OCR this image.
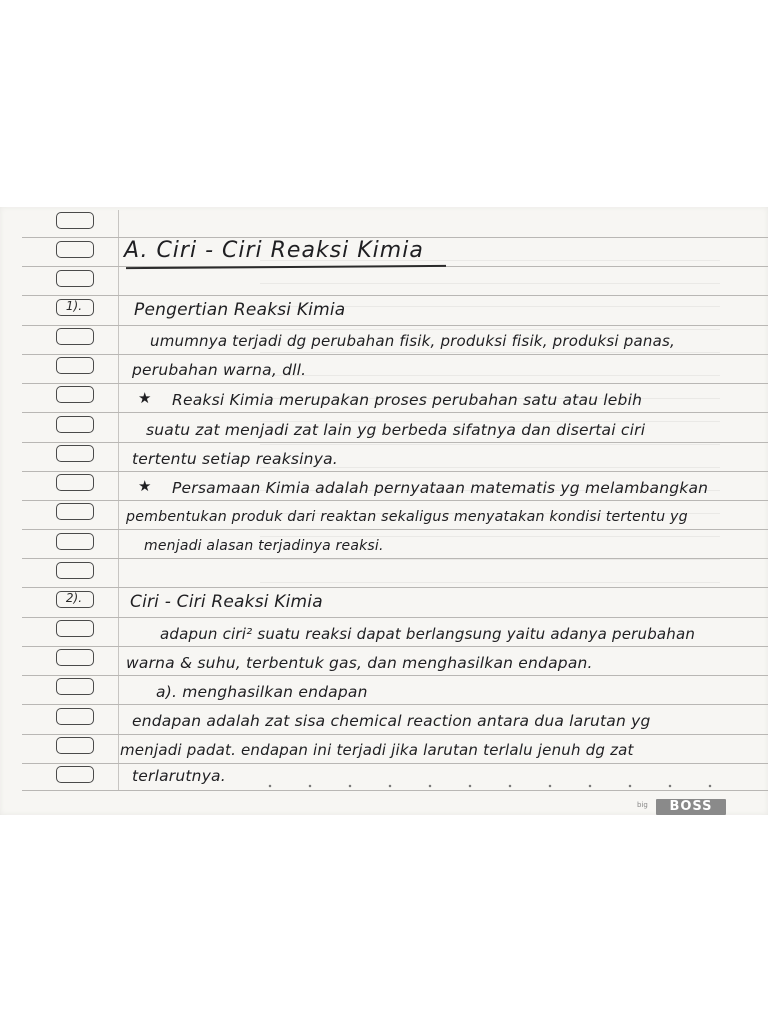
1).
2).
A. Ciri - Ciri Reaksi Kimia
Pengertian Reaksi Kimia
umumnya terjadi dg perubahan fisik, produksi fisik, produksi panas,
perubahan warna, dll.
★ Reaksi Kimia merupakan proses perubahan satu atau lebih
suatu zat menjadi zat lain yg berbeda sifatnya dan disertai ciri
tertentu setiap reaksinya.
★ Persamaan Kimia adalah pernyataan matematis yg melambangkan
pembentukan produk dari reaktan sekaligus menyatakan kondisi tertentu yg
menjadi alasan terjadinya reaksi.
Ciri - Ciri Reaksi Kimia
adapun ciri² suatu reaksi dapat berlangsung yaitu adanya perubahan
warna & suhu, terbentuk gas, dan menghasilkan endapan.
a). menghasilkan endapan
endapan adalah zat sisa chemical reaction antara dua larutan yg
menjadi padat. endapan ini terjadi jika larutan terlalu jenuh dg zat
terlarutnya.
big	BOSS
